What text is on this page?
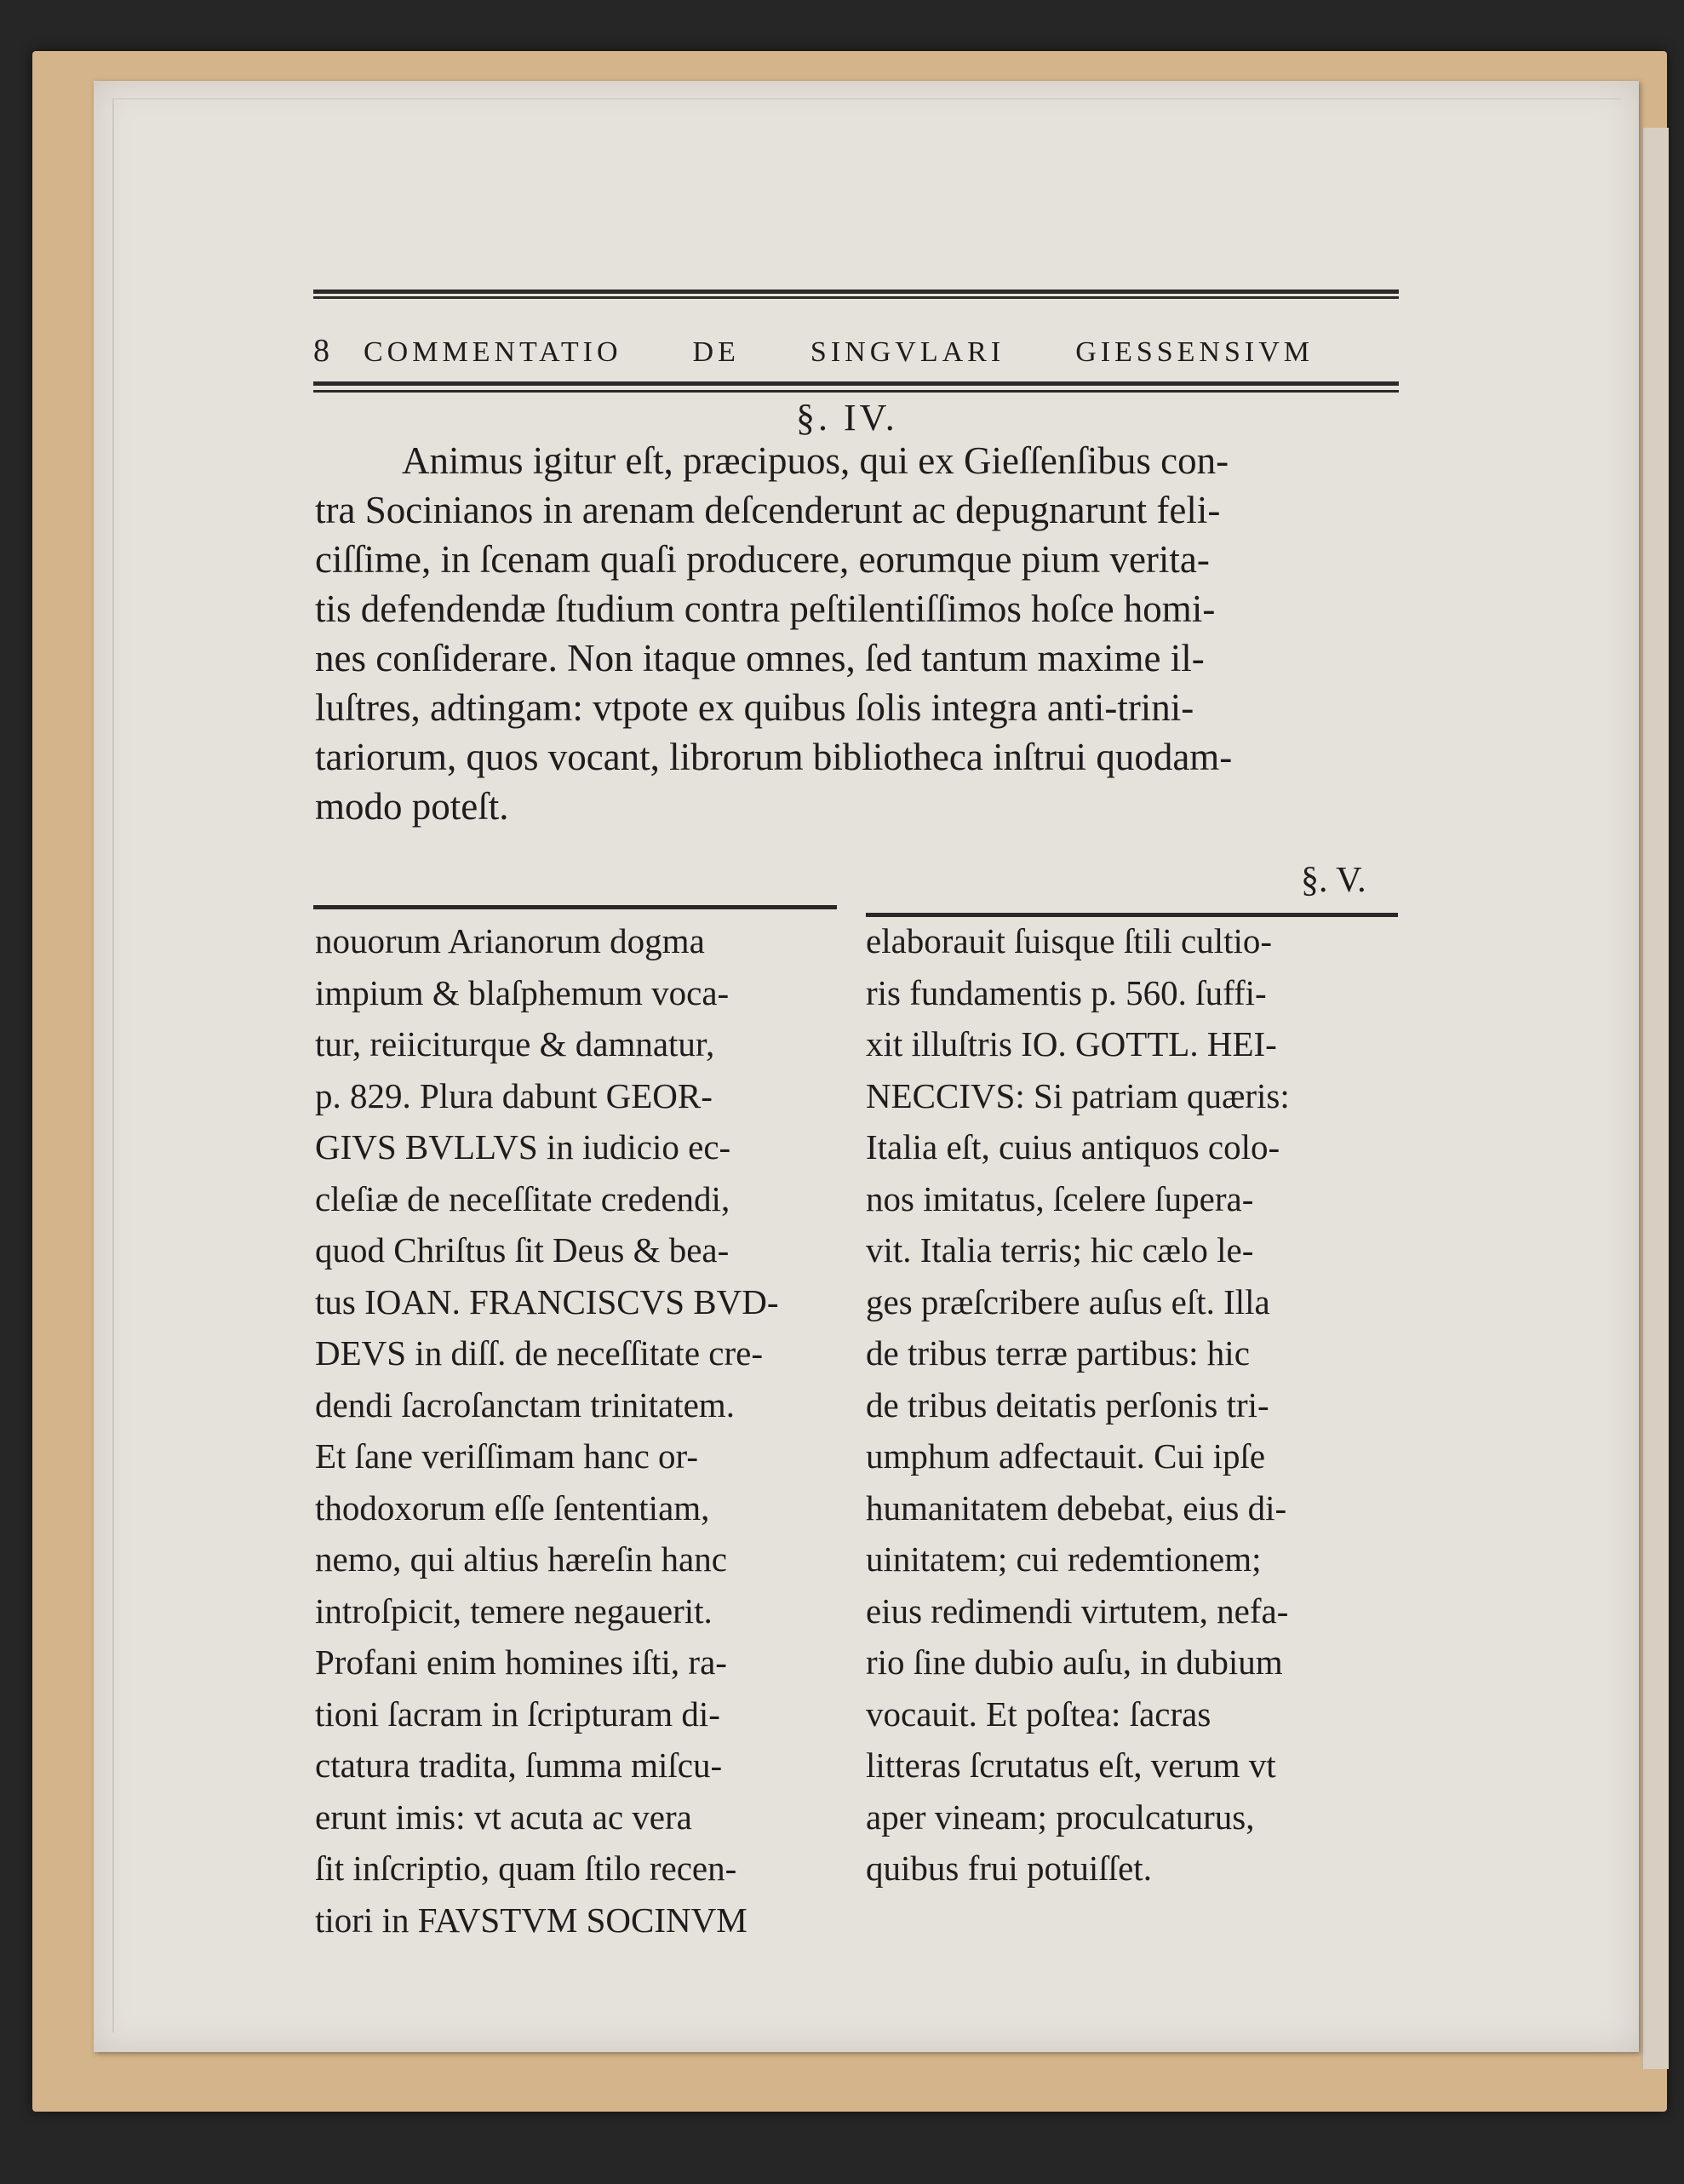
8 COMMENTATIO DE SINGVLARI GIESSENSIVM
§. IV.
Animus igitur eſt, præcipuos, qui ex Gieſſenſibus con-
tra Socinianos in arenam deſcenderunt ac depugnarunt feli-
ciſſime, in ſcenam quaſi producere, eorumque pium verita-
tis defendendæ ſtudium contra peſtilentiſſimos hoſce homi-
nes conſiderare. Non itaque omnes, ſed tantum maxime il-
luſtres, adtingam: vtpote ex quibus ſolis integra anti-trini-
tariorum, quos vocant, librorum bibliotheca inſtrui quodam-
modo poteſt.
§. V.
nouorum Arianorum dogma
impium & blaſphemum voca-
tur, reiiciturque & damnatur,
p. 829. Plura dabunt GEOR-
GIVS BVLLVS in iudicio ec-
cleſiæ de neceſſitate credendi,
quod Chriſtus ſit Deus & bea-
tus IOAN. FRANCISCVS BVD-
DEVS in diſſ. de neceſſitate cre-
dendi ſacroſanctam trinitatem.
Et ſane veriſſimam hanc or-
thodoxorum eſſe ſententiam,
nemo, qui altius hæreſin hanc
introſpicit, temere negauerit.
Profani enim homines iſti, ra-
tioni ſacram in ſcripturam di-
ctatura tradita, ſumma miſcu-
erunt imis: vt acuta ac vera
ſit inſcriptio, quam ſtilo recen-
tiori in FAVSTVM SOCINVM
elaborauit ſuisque ſtili cultio-
ris fundamentis p. 560. ſuffi-
xit illuſtris IO. GOTTL. HEI-
NECCIVS: Si patriam quæris:
Italia eſt, cuius antiquos colo-
nos imitatus, ſcelere ſupera-
vit. Italia terris; hic cælo le-
ges præſcribere auſus eſt. Illa
de tribus terræ partibus: hic
de tribus deitatis perſonis tri-
umphum adfectauit. Cui ipſe
humanitatem debebat, eius di-
uinitatem; cui redemtionem;
eius redimendi virtutem, nefa-
rio ſine dubio auſu, in dubium
vocauit. Et poſtea: ſacras
litteras ſcrutatus eſt, verum vt
aper vineam; proculcaturus,
quibus frui potuiſſet.
